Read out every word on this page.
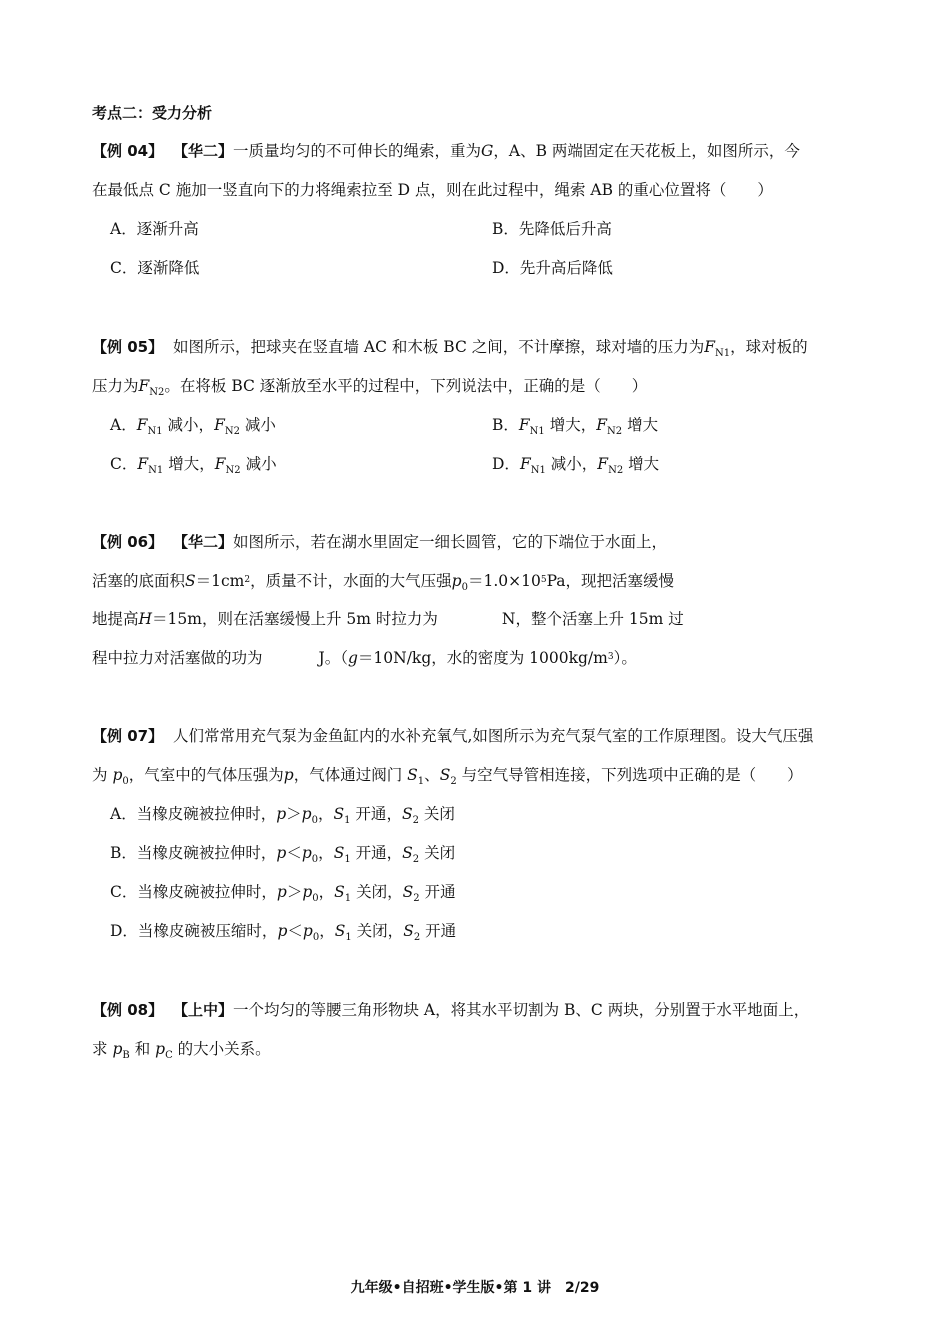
考点二：受力分析
【例 04】 【华二】一质量均匀的不可伸长的绳索，重为G，A、B 两端固定在天花板上，如图所示，今
在最低点 C 施加一竖直向下的力将绳索拉至 D 点，则在此过程中，绳索 AB 的重心位置将（　　）
A．逐渐升高	B．先降低后升高
C．逐渐降低	D．先升高后降低
【例 05】 如图所示，把球夹在竖直墙 AC 和木板 BC 之间，不计摩擦，球对墙的压力为$F_{N1}$，球对板的
压力为$F_{N2}$。在将板 BC 逐渐放至水平的过程中，下列说法中，正确的是（　　）
A．$F_{N1}$ 减小，$F_{N2}$ 减小	B．$F_{N1}$ 增大，$F_{N2}$ 增大
C．$F_{N1}$ 增大，$F_{N2}$ 减小	D．$F_{N1}$ 减小，$F_{N2}$ 增大
【例 06】 【华二】如图所示，若在湖水里固定一细长圆管，它的下端位于水面上，
活塞的底面积$S=1cm^2$，质量不计，水面的大气压强$p_0=1.0\times 10^5Pa$，现把活塞缓慢
地提高H＝15m，则在活塞缓慢上升 5m 时拉力为	N，整个活塞上升 15m 过
程中拉力对活塞做的功为	J。（g＝10N/kg，水的密度为 $1000kg/m^3$）。
【例 07】 人们常常用充气泵为金鱼缸内的水补充氧气,如图所示为充气泵气室的工作原理图。设大气压强
为 $p_0$，气室中的气体压强为p，气体通过阀门 $S_1$、$S_2$ 与空气导管相连接，下列选项中正确的是（　　）
A．当橡皮碗被拉伸时，$p>p_0$，$S_1$ 开通，$S_2$ 关闭
B．当橡皮碗被拉伸时，$p<p_0$，$S_1$ 开通，$S_2$ 关闭
C．当橡皮碗被拉伸时，$p>p_0$，$S_1$ 关闭，$S_2$ 开通
D．当橡皮碗被压缩时，$p<p_0$，$S_1$ 关闭，$S_2$ 开通
【例 08】 【上中】一个均匀的等腰三角形物块 A，将其水平切割为 B、C 两块，分别置于水平地面上，
求 $p_B$ 和 $p_C$ 的大小关系。
九年级•自招班•学生版•第 1 讲　2/29
